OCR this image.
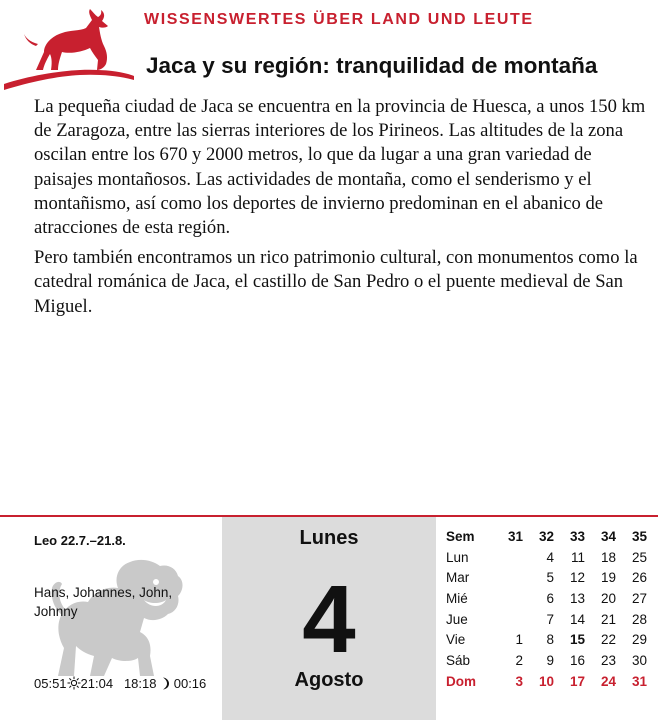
WISSENSWERTES ÜBER LAND UND LEUTE
Jaca y su región: tranquilidad de montaña

La pequeña ciudad de Jaca se encuentra en la provincia de Huesca, a unos 150 km de Zaragoza, entre las sierras interiores de los Pirineos. Las altitudes de la zona oscilan entre los 670 y 2000 metros, lo que da lugar a una gran variedad de paisajes montañosos. Las actividades de montaña, como el senderismo y el montañismo, así como los deportes de invierno predominan en el abanico de atracciones de esta región.

Pero también encontramos un rico patrimonio cultural, con monumentos como la catedral románica de Jaca, el castillo de San Pedro o el puente medieval de San Miguel.

Leo 22.7.–21.8.
Hans, Johannes, John, Johnny
05:51 21:04 18:18 00:16
Lunes
4
Agosto
Sem	31	32	33	34	35
Lun		4	11	18	25
Mar		5	12	19	26
Mié		6	13	20	27
Jue		7	14	21	28
Vie	1	8	15	22	29
Sáb	2	9	16	23	30
Dom	3	10	17	24	31
